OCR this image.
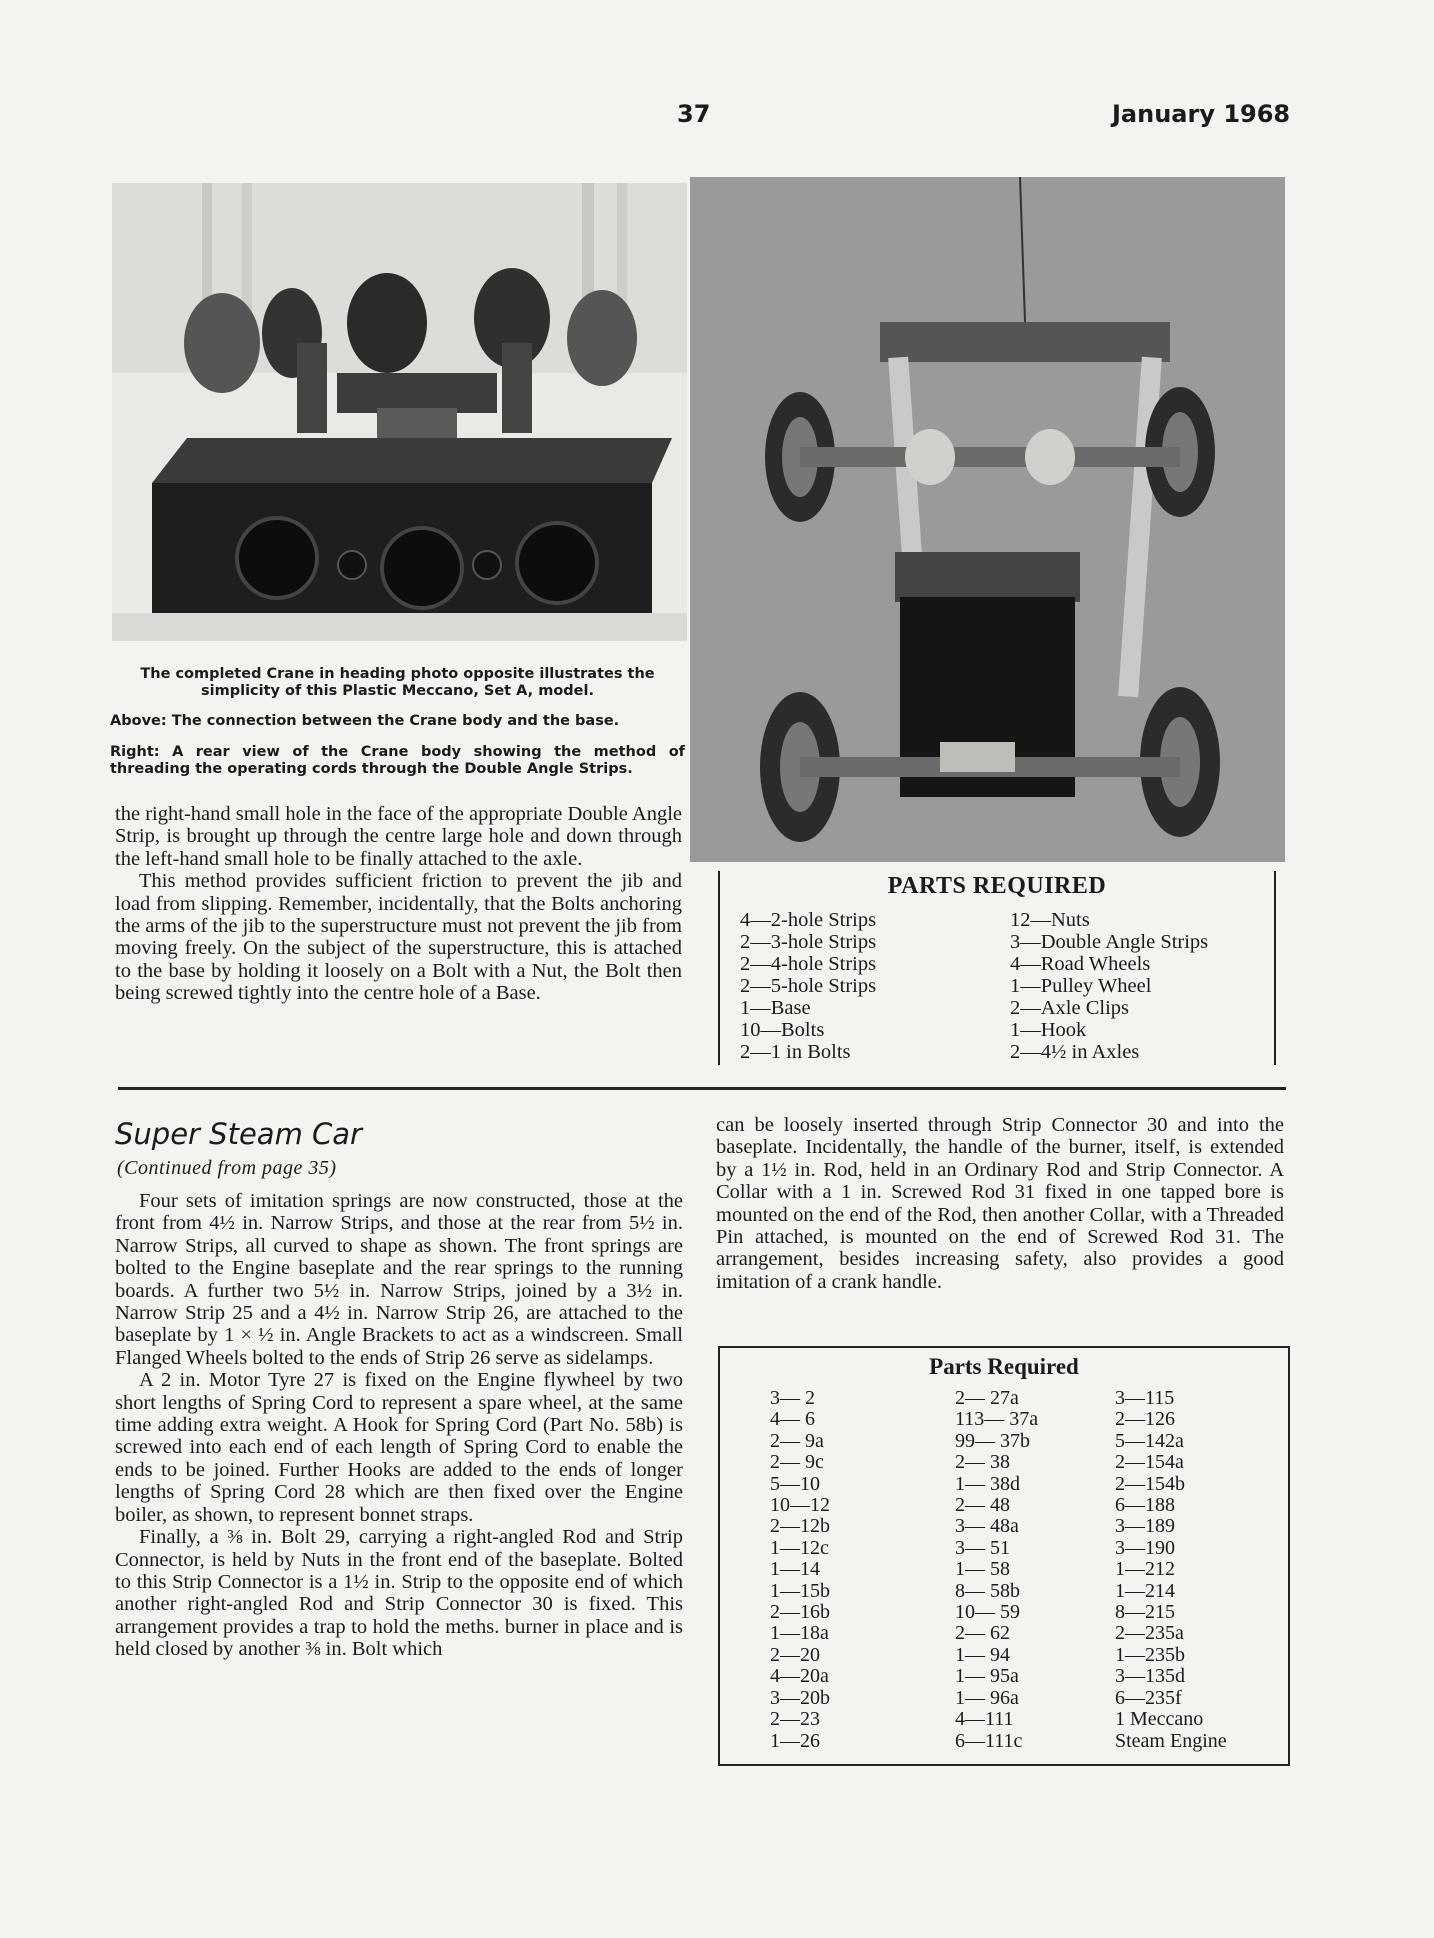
37	January 1968
The completed Crane in heading photo opposite illustrates the simplicity of this Plastic Meccano, Set A, model.
Above: The connection between the Crane body and the base.
Right: A rear view of the Crane body showing the method of threading the operating cords through the Double Angle Strips.

the right-hand small hole in the face of the appropriate Double Angle Strip, is brought up through the centre large hole and down through the left-hand small hole to be finally attached to the axle.

This method provides sufficient friction to prevent the jib and load from slipping. Remember, incidentally, that the Bolts anchoring the arms of the jib to the superstructure must not prevent the jib from moving freely. On the subject of the superstructure, this is attached to the base by holding it loosely on a Bolt with a Nut, the Bolt then being screwed tightly into the centre hole of a Base.

PARTS REQUIRED
4—2-hole Strips
2—3-hole Strips
2—4-hole Strips
2—5-hole Strips
1—Base
10—Bolts
2—1 in Bolts
12—Nuts
3—Double Angle Strips
4—Road Wheels
1—Pulley Wheel
2—Axle Clips
1—Hook
2—4½ in Axles
Super Steam Car
(Continued from page 35)

Four sets of imitation springs are now constructed, those at the front from 4½ in. Narrow Strips, and those at the rear from 5½ in. Narrow Strips, all curved to shape as shown. The front springs are bolted to the Engine baseplate and the rear springs to the running boards. A further two 5½ in. Narrow Strips, joined by a 3½ in. Narrow Strip 25 and a 4½ in. Narrow Strip 26, are attached to the baseplate by 1 × ½ in. Angle Brackets to act as a windscreen. Small Flanged Wheels bolted to the ends of Strip 26 serve as sidelamps.

A 2 in. Motor Tyre 27 is fixed on the Engine flywheel by two short lengths of Spring Cord to represent a spare wheel, at the same time adding extra weight. A Hook for Spring Cord (Part No. 58b) is screwed into each end of each length of Spring Cord to enable the ends to be joined. Further Hooks are added to the ends of longer lengths of Spring Cord 28 which are then fixed over the Engine boiler, as shown, to represent bonnet straps.

Finally, a ⅜ in. Bolt 29, carrying a right-angled Rod and Strip Connector, is held by Nuts in the front end of the baseplate. Bolted to this Strip Connector is a 1½ in. Strip to the opposite end of which another right-angled Rod and Strip Connector 30 is fixed. This arrangement provides a trap to hold the meths. burner in place and is held closed by another ⅜ in. Bolt which

can be loosely inserted through Strip Connector 30 and into the baseplate. Incidentally, the handle of the burner, itself, is extended by a 1½ in. Rod, held in an Ordinary Rod and Strip Connector. A Collar with a 1 in. Screwed Rod 31 fixed in one tapped bore is mounted on the end of the Rod, then another Collar, with a Threaded Pin attached, is mounted on the end of Screwed Rod 31. The arrangement, besides increasing safety, also provides a good imitation of a crank handle.

Parts Required
3— 2
4— 6
2— 9a
2— 9c
5—10
10—12
2—12b
1—12c
1—14
1—15b
2—16b
1—18a
2—20
4—20a
3—20b
2—23
1—26
2— 27a
113— 37a
99— 37b
2— 38
1— 38d
2— 48
3— 48a
3— 51
1— 58
8— 58b
10— 59
2— 62
1— 94
1— 95a
1— 96a
4—111
6—111c
3—115
2—126
5—142a
2—154a
2—154b
6—188
3—189
3—190
1—212
1—214
8—215
2—235a
1—235b
3—135d
6—235f
1 Meccano
Steam Engine
